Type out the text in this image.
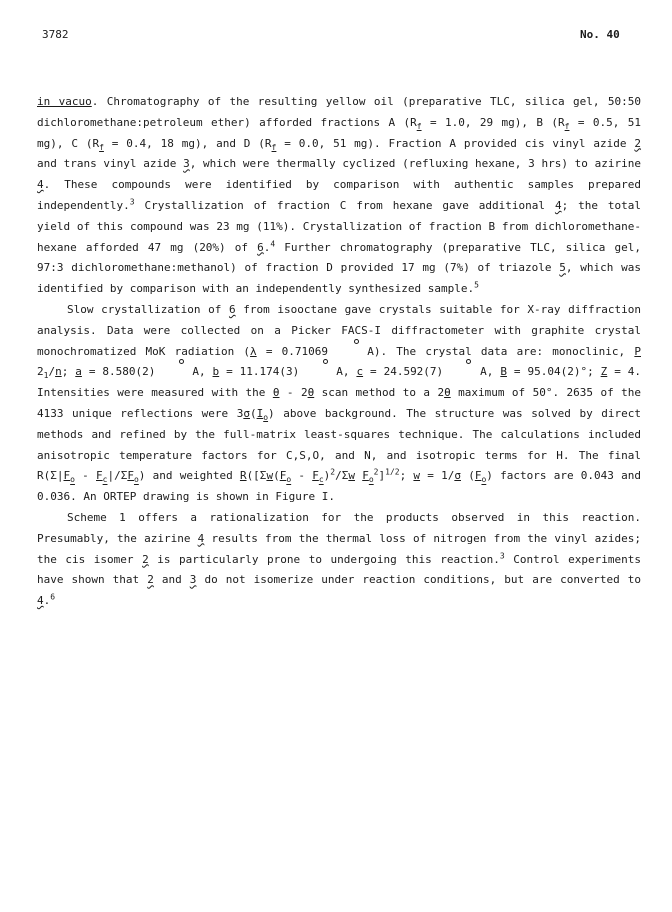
3782	No. 40

in vacuo. Chromatography of the resulting yellow oil (preparative TLC, silica gel, 50:50 dichloromethane:petroleum ether) afforded fractions A ($R_f = 1.0$, 29 mg), B ($R_f = 0.5$, 51 mg), C ($R_f = 0.4$, 18 mg), and D ($R_f = 0.0$, 51 mg). Fraction A provided cis vinyl azide 2 and trans vinyl azide 3, which were thermally cyclized (refluxing hexane, 3 hrs) to azirine 4. These compounds were identified by comparison with authentic samples prepared independently.$^3$ Crystallization of fraction C from hexane gave additional 4; the total yield of this compound was 23 mg (11%). Crystallization of fraction B from dichloromethane-hexane afforded 47 mg (20%) of 6.$^4$ Further chromatography (preparative TLC, silica gel, 97:3 dichloromethane:methanol) of fraction D provided 17 mg (7%) of triazole 5, which was identified by comparison with an independently synthesized sample.$^5$

Slow crystallization of 6 from isooctane gave crystals suitable for X-ray diffraction analysis. Data were collected on a Picker FACS-I diffractometer with graphite crystal monochromatized MoK radiation (λ = 0.71069	A). The crystal data are: monoclinic, P $2_1/n$; a = 8.580(2)	A, b = 11.174(3)	A, c = 24.592(7)	A, B = 95.04(2)°; Z = 4. Intensities were measured with the θ - 2θ scan method to a 2θ maximum of 50°. 2635 of the 4133 unique reflections were $3\sigma(I_o)$ above background. The structure was solved by direct methods and refined by the full-matrix least-squares technique. The calculations included anisotropic temperature factors for C,S,O, and N, and isotropic terms for H. The final $R(\Sigma|F_o - F_c|/\Sigma F_o)$ and weighted $R([\Sigma w(F_o - F_c)^2/\Sigma w$ $F_o^2]^{1/2}$; w = 1/σ $(F_o)$ factors are 0.043 and 0.036. An ORTEP drawing is shown in Figure I.

Scheme 1 offers a rationalization for the products observed in this reaction. Presumably, the azirine 4 results from the thermal loss of nitrogen from the vinyl azides; the cis isomer 2 is particularly prone to undergoing this reaction.$^3$ Control experiments have shown that 2 and 3 do not isomerize under reaction conditions, but are converted to 4.$^6$
